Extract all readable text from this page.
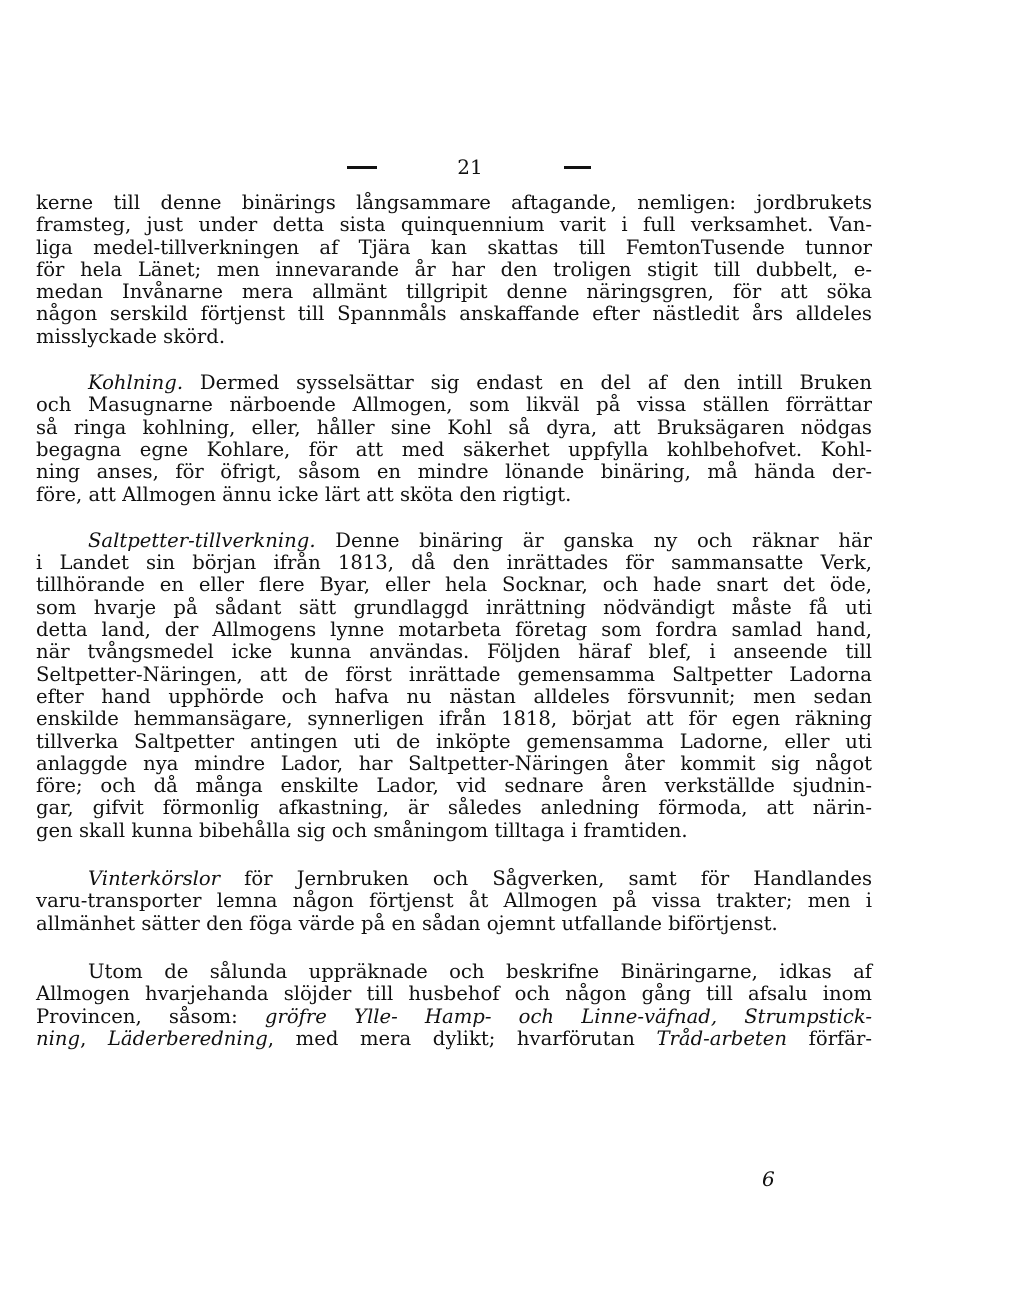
21

kerne till denne binärings långsammare aftagande, nemligen: jordbrukets
framsteg, just under detta sista quinquennium varit i full verksamhet. Van-
liga medel-tillverkningen af Tjära kan skattas till FemtonTusende tunnor
för hela Länet; men innevarande år har den troligen stigit till dubbelt, e-
medan Invånarne mera allmänt tillgripit denne näringsgren, för att söka
någon serskild förtjenst till Spannmåls anskaffande efter nästledit års alldeles
misslyckade skörd.

Kohlning. Dermed sysselsättar sig endast en del af den intill Bruken
och Masugnarne närboende Allmogen, som likväl på vissa ställen förrättar
så ringa kohlning, eller, håller sine Kohl så dyra, att Bruksägaren nödgas
begagna egne Kohlare, för att med säkerhet uppfylla kohlbehofvet. Kohl-
ning anses, för öfrigt, såsom en mindre lönande binäring, må hända der-
före, att Allmogen ännu icke lärt att sköta den rigtigt.

Saltpetter-tillverkning. Denne binäring är ganska ny och räknar här
i Landet sin början ifrån 1813, då den inrättades för sammansatte Verk,
tillhörande en eller flere Byar, eller hela Socknar, och hade snart det öde,
som hvarje på sådant sätt grundlaggd inrättning nödvändigt måste få uti
detta land, der Allmogens lynne motarbeta företag som fordra samlad hand,
när tvångsmedel icke kunna användas. Följden häraf blef, i anseende till
Seltpetter-Näringen, att de först inrättade gemensamma Saltpetter Ladorna
efter hand upphörde och hafva nu nästan alldeles försvunnit; men sedan
enskilde hemmansägare, synnerligen ifrån 1818, börjat att för egen räkning
tillverka Saltpetter antingen uti de inköpte gemensamma Ladorne, eller uti
anlaggde nya mindre Lador, har Saltpetter-Näringen åter kommit sig något
före; och då många enskilte Lador, vid sednare åren verkställde sjudnin-
gar, gifvit förmonlig afkastning, är således anledning förmoda, att närin-
gen skall kunna bibehålla sig och småningom tilltaga i framtiden.

Vinterkörslor för Jernbruken och Sågverken, samt för Handlandes
varu-transporter lemna någon förtjenst åt Allmogen på vissa trakter; men i
allmänhet sätter den föga värde på en sådan ojemnt utfallande biförtjenst.

Utom de sålunda uppräknade och beskrifne Binäringarne, idkas af
Allmogen hvarjehanda slöjder till husbehof och någon gång till afsalu inom
Provincen, såsom: gröfre Ylle- Hamp- och Linne-väfnad, Strumpstick-
ning, Läderberedning, med mera dylikt; hvarförutan Tråd-arbeten förfär-

6
